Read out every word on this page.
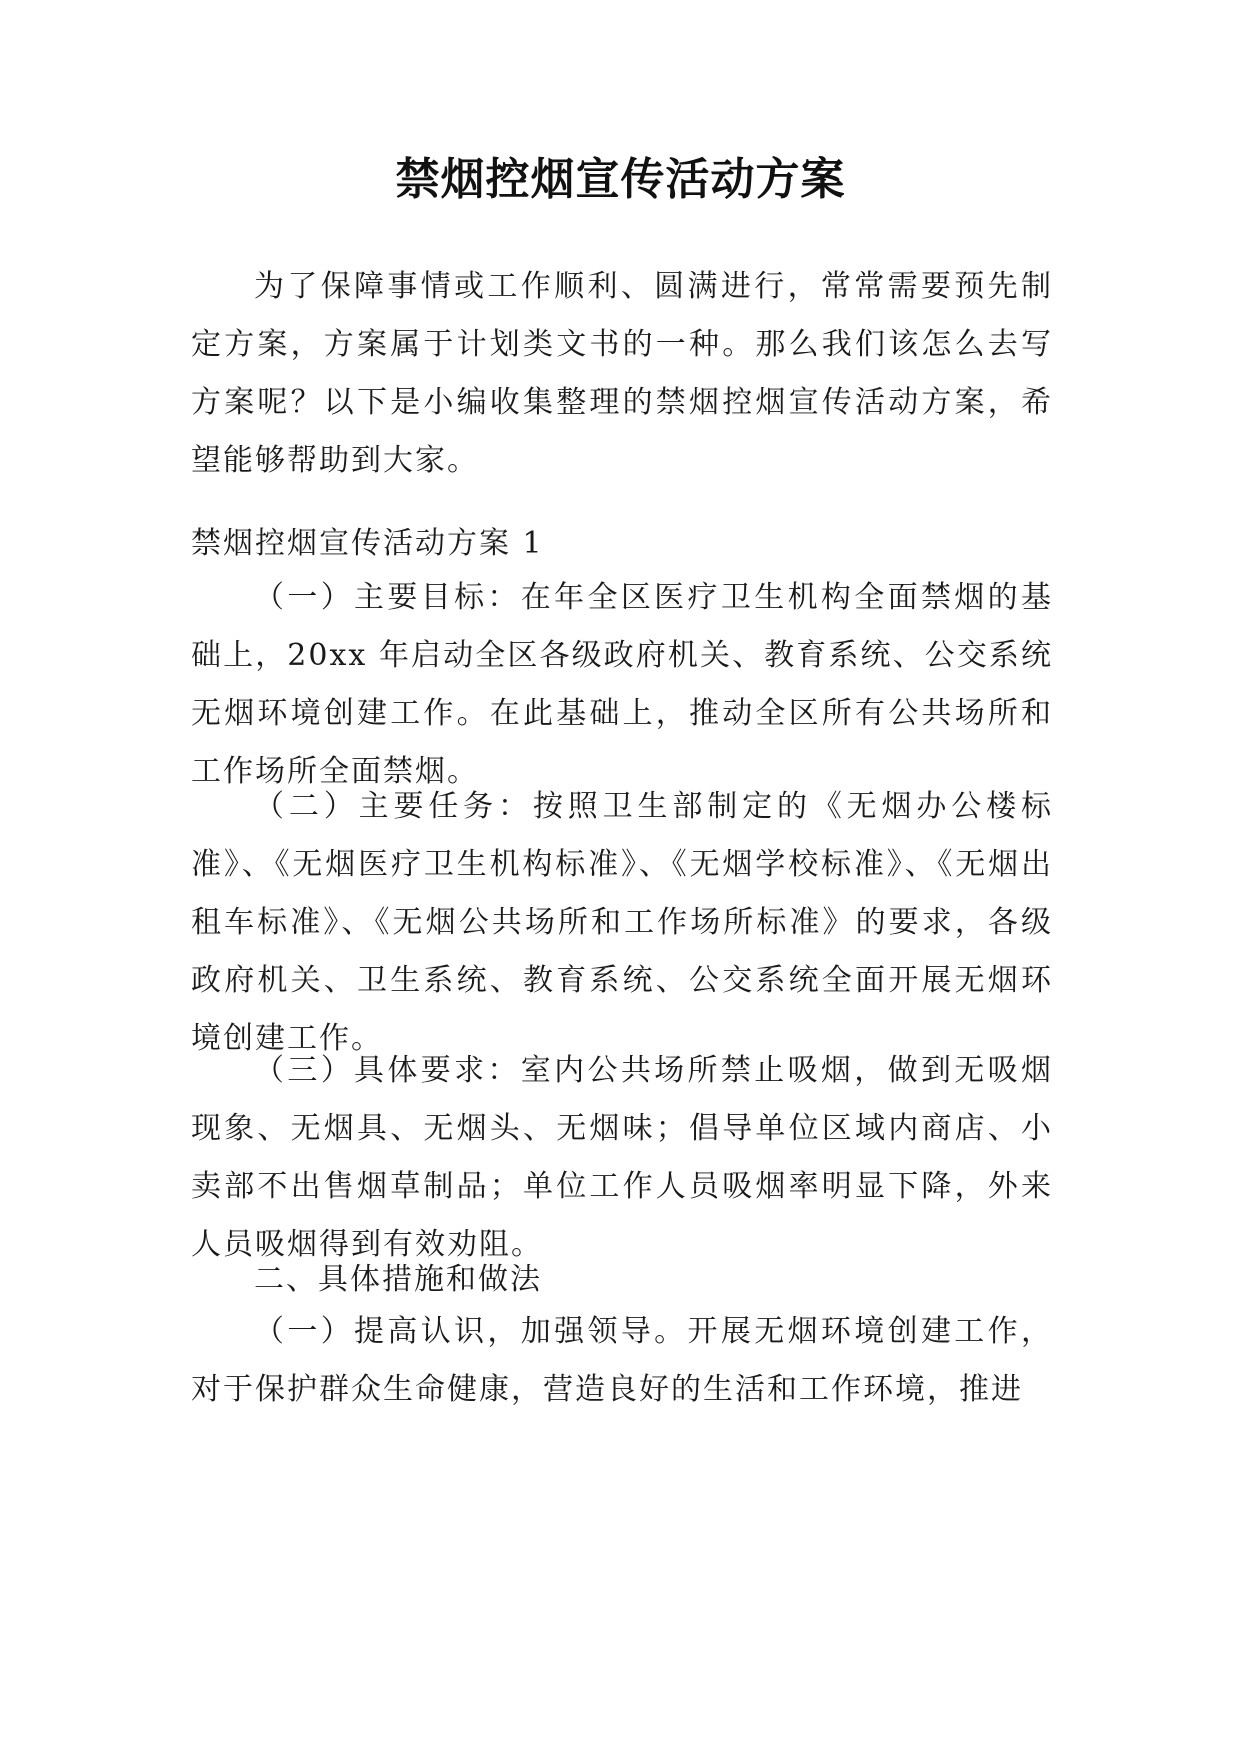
禁烟控烟宣传活动方案

为了保障事情或工作顺利、圆满进行，常常需要预先制定方案，方案属于计划类文书的一种。那么我们该怎么去写方案呢？以下是小编收集整理的禁烟控烟宣传活动方案，希望能够帮助到大家。

禁烟控烟宣传活动方案 1

（一）主要目标：在年全区医疗卫生机构全面禁烟的基础上，20xx 年启动全区各级政府机关、教育系统、公交系统无烟环境创建工作。在此基础上，推动全区所有公共场所和工作场所全面禁烟。

（二）主要任务：按照卫生部制定的《无烟办公楼标准》、《无烟医疗卫生机构标准》、《无烟学校标准》、《无烟出租车标准》、《无烟公共场所和工作场所标准》的要求，各级政府机关、卫生系统、教育系统、公交系统全面开展无烟环境创建工作。

（三）具体要求：室内公共场所禁止吸烟，做到无吸烟现象、无烟具、无烟头、无烟味；倡导单位区域内商店、小卖部不出售烟草制品；单位工作人员吸烟率明显下降，外来人员吸烟得到有效劝阻。

二、具体措施和做法

（一）提高认识，加强领导。开展无烟环境创建工作，对于保护群众生命健康，营造良好的生活和工作环境，推进
